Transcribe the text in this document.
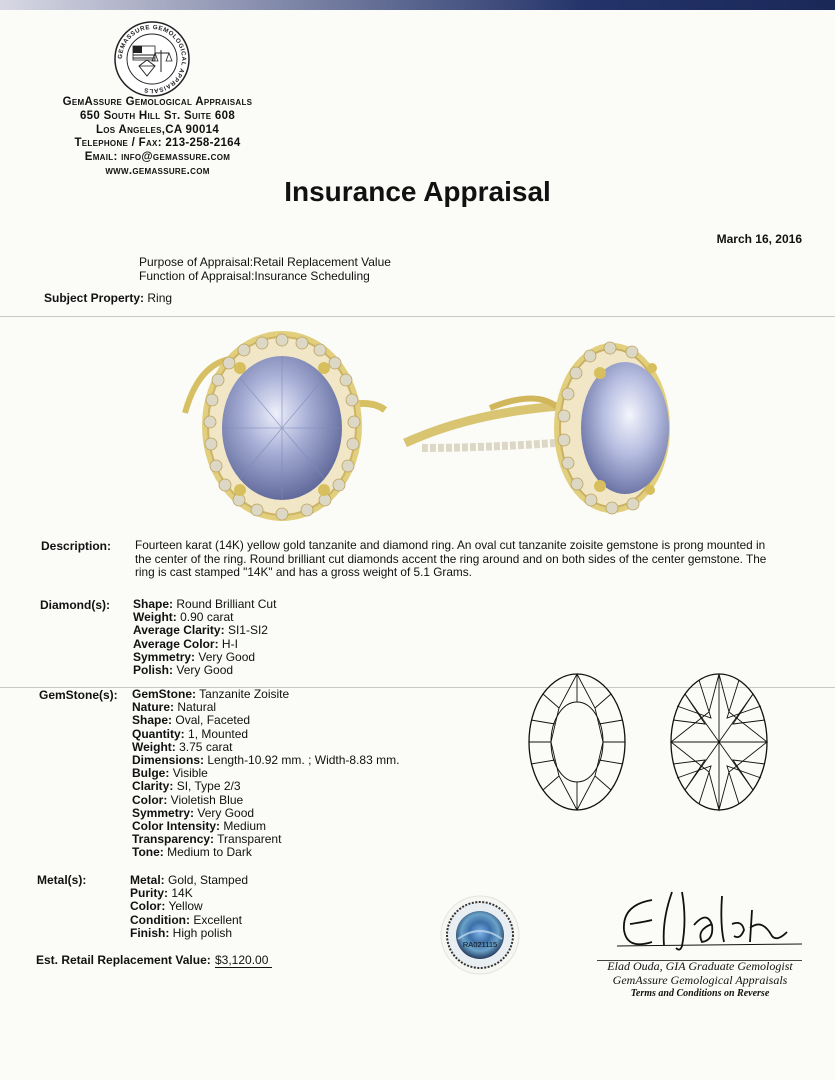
GEMASSURE GEMOLOGICAL APPRAISALS
GemAssure Gemological Appraisals
650 South Hill St. Suite 608
Los Angeles,CA 90014
Telephone / Fax: 213-258-2164
Email: info@gemassure.com
www.gemassure.com
Insurance Appraisal
March 16, 2016
Purpose of Appraisal:Retail Replacement Value
Function of Appraisal:Insurance Scheduling
Subject Property: Ring
Description: Fourteen karat (14K) yellow gold tanzanite and diamond ring. An oval cut tanzanite zoisite gemstone is prong mounted in the center of the ring. Round brilliant cut diamonds accent the ring around and on both sides of the center gemstone. The ring is cast stamped "14K" and has a gross weight of 5.1 Grams.
Diamond(s): Shape: Round Brilliant Cut
Weight: 0.90 carat
Average Clarity: SI1-SI2
Average Color: H-I
Symmetry: Very Good
Polish: Very Good
GemStone(s): GemStone: Tanzanite Zoisite
Nature: Natural
Shape: Oval, Faceted
Quantity: 1, Mounted
Weight: 3.75 carat
Dimensions: Length-10.92 mm. ; Width-8.83 mm.
Bulge: Visible
Clarity: SI, Type 2/3
Color: Violetish Blue
Symmetry: Very Good
Color Intensity: Medium
Transparency: Transparent
Tone: Medium to Dark
Metal(s):	Metal: Gold, Stamped
Purity: 14K
Color: Yellow
Condition: Excellent
Finish: High polish
RA021115
Elad Ouda, GIA Graduate Gemologist
GemAssure Gemological Appraisals
Terms and Conditions on Reverse
Est. Retail Replacement Value: $3,120.00
